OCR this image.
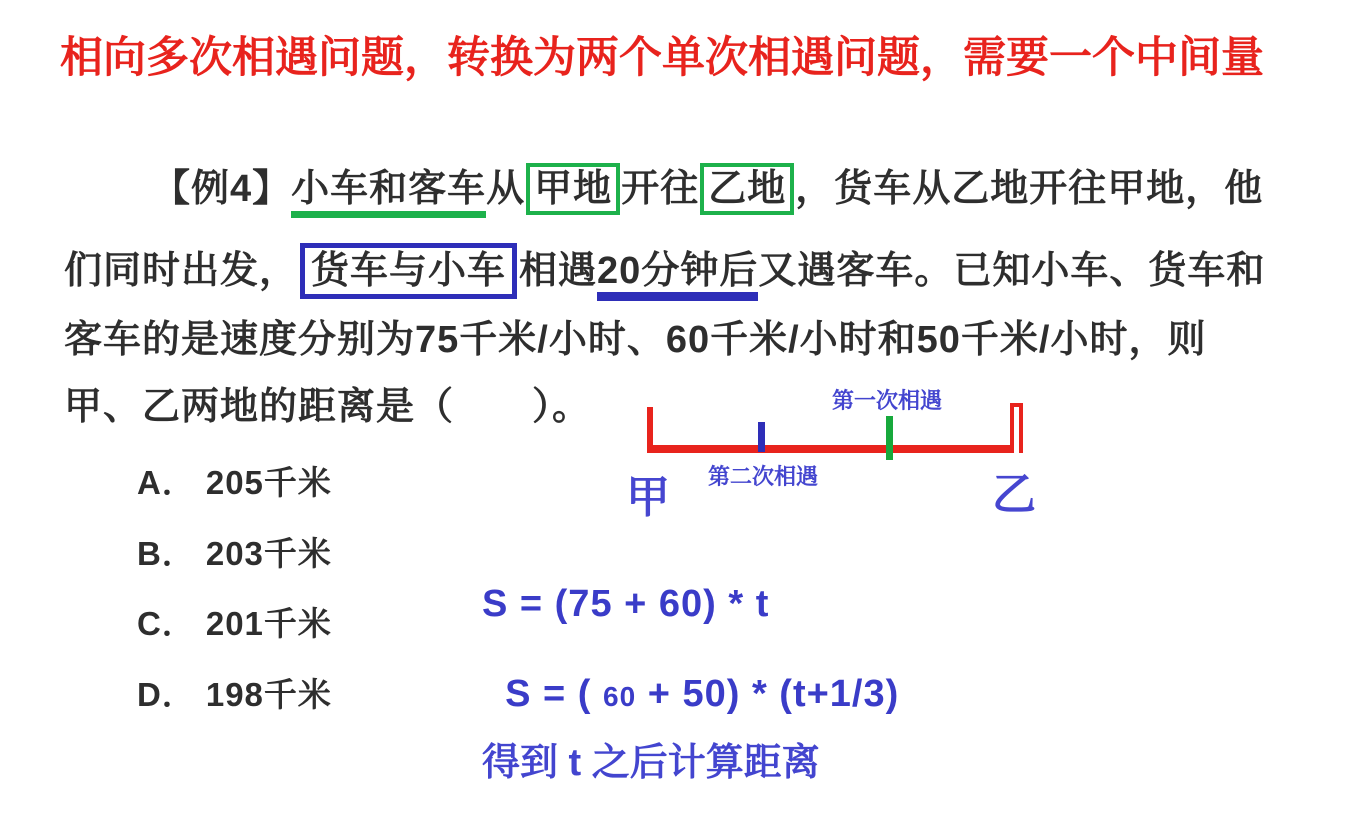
相向多次相遇问题，转换为两个单次相遇问题，需要一个中间量
【例4】小车和客车从 甲地 开往 乙地 ，货车从乙地开往甲地，他
们同时出发， 货车与小车 相遇20分钟后又遇客车。已知小车、货车和
客车的是速度分别为75千米/小时、60千米/小时和50千米/小时，则
甲、乙两地的距离是（　　）。
A． 205千米
B． 203千米
C． 201千米
D． 198千米
第一次相遇
第二次相遇
甲	乙
S = (75 + 60) * t

S = ( 60 + 50) * (t+1/3)

得到 t 之后计算距离
